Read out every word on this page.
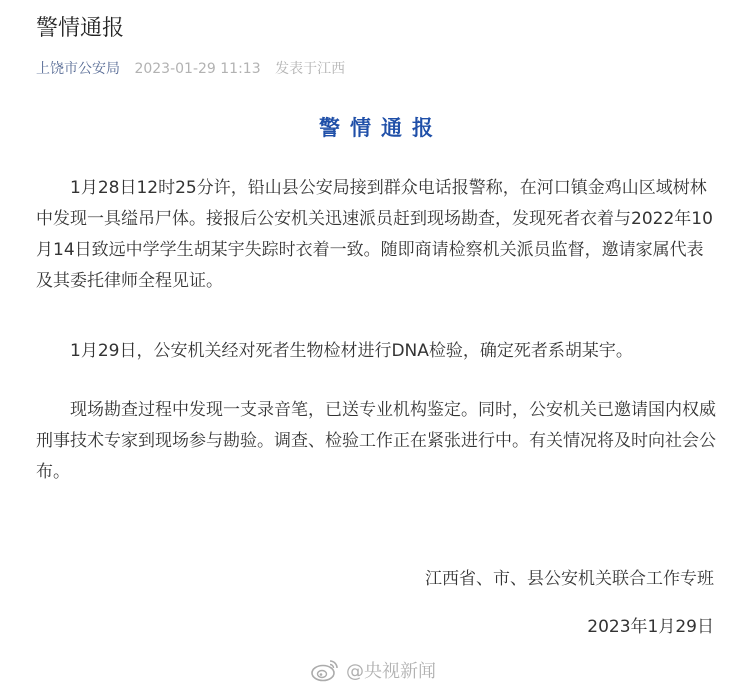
警情通报
上饶市公安局 2023-01-29 11:13 发表于江西
警情通报

1月28日12时25分许，铅山县公安局接到群众电话报警称，在河口镇金鸡山区域树林中发现一具缢吊尸体。接报后公安机关迅速派员赶到现场勘查，发现死者衣着与2022年10月14日致远中学学生胡某宇失踪时衣着一致。随即商请检察机关派员监督，邀请家属代表及其委托律师全程见证。

1月29日，公安机关经对死者生物检材进行DNA检验，确定死者系胡某宇。

现场勘查过程中发现一支录音笔，已送专业机构鉴定。同时，公安机关已邀请国内权威刑事技术专家到现场参与勘验。调查、检验工作正在紧张进行中。有关情况将及时向社会公布。

江西省、市、县公安机关联合工作专班
2023年1月29日
@央视新闻
